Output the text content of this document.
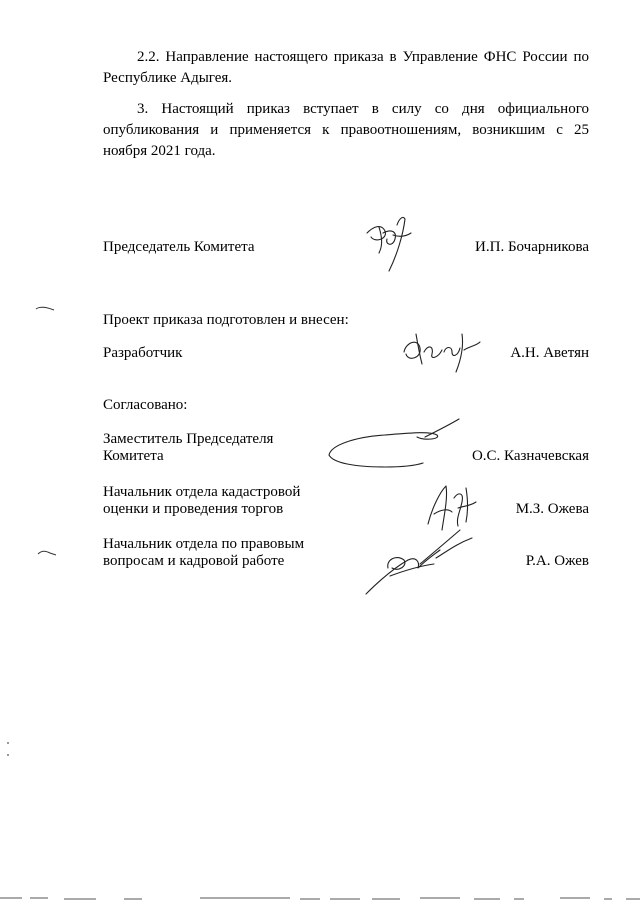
2.2. Направление настоящего приказа в Управление ФНС России по
Республике Адыгея.
3. Настоящий приказ вступает в силу со дня официального
опубликования и применяется к правоотношениям, возникшим с 25
ноября 2021 года.
Председатель Комитета	И.П. Бочарникова
Проект приказа подготовлен и внесен:
Разработчик	А.Н. Аветян
Согласовано:
Заместитель Председателя
Комитета	О.С. Казначевская
Начальник отдела кадастровой
оценки и проведения торгов	М.З. Ожева
Начальник отдела по правовым
вопросам и кадровой работе	Р.А. Ожев
